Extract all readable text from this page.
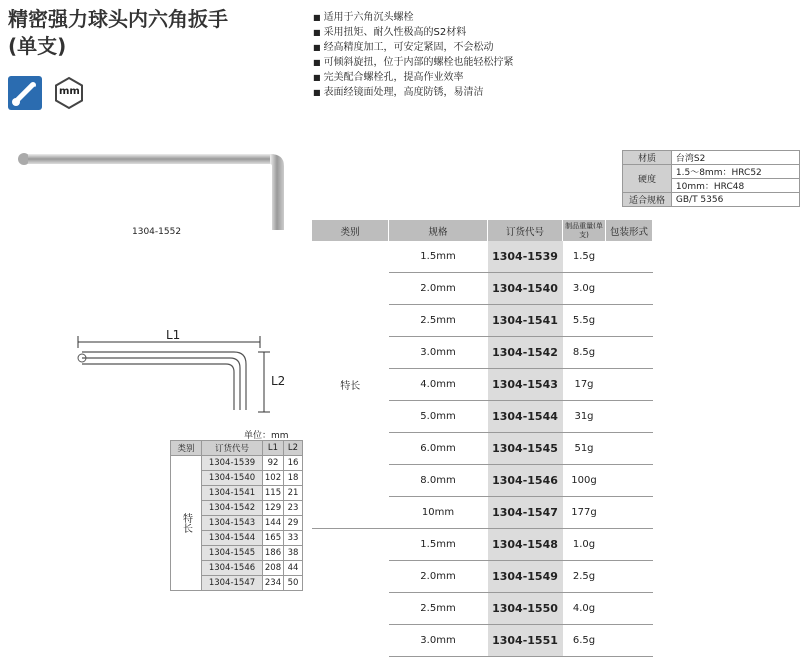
精密强力球头内六角扳手
(单支)
mm
■ 适用于六角沉头螺栓
■ 采用扭矩、耐久性极高的S2材料
■ 经高精度加工，可安定紧固，不会松动
■ 可倾斜旋扭，位于内部的螺栓也能轻松拧紧
■ 完美配合螺栓孔，提高作业效率
■ 表面经镜面处理，高度防锈，易清洁
材质	台湾S2
硬度	1.5～8mm：HRC52
	10mm：HRC48
适合规格	GB/T 5356
1304-1552
L1
L2
单位：mm
类别	订货代号	L1	L2
特长	1304-1539	92	16
	1304-1540	102	18
	1304-1541	115	21
	1304-1542	129	23
	1304-1543	144	29
	1304-1544	165	33
	1304-1545	186	38
	1304-1546	208	44
	1304-1547	234	50
类别	规格	订货代号	制品重量(单支)	包装形式
特长	1.5mm	1304-1539	1.5g	
	2.0mm	1304-1540	3.0g	
	2.5mm	1304-1541	5.5g	
	3.0mm	1304-1542	8.5g	
	4.0mm	1304-1543	17g	
	5.0mm	1304-1544	31g	
	6.0mm	1304-1545	51g	
	8.0mm	1304-1546	100g	
	10mm	1304-1547	177g	
	1.5mm	1304-1548	1.0g	
	2.0mm	1304-1549	2.5g	
	2.5mm	1304-1550	4.0g	
	3.0mm	1304-1551	6.5g	
